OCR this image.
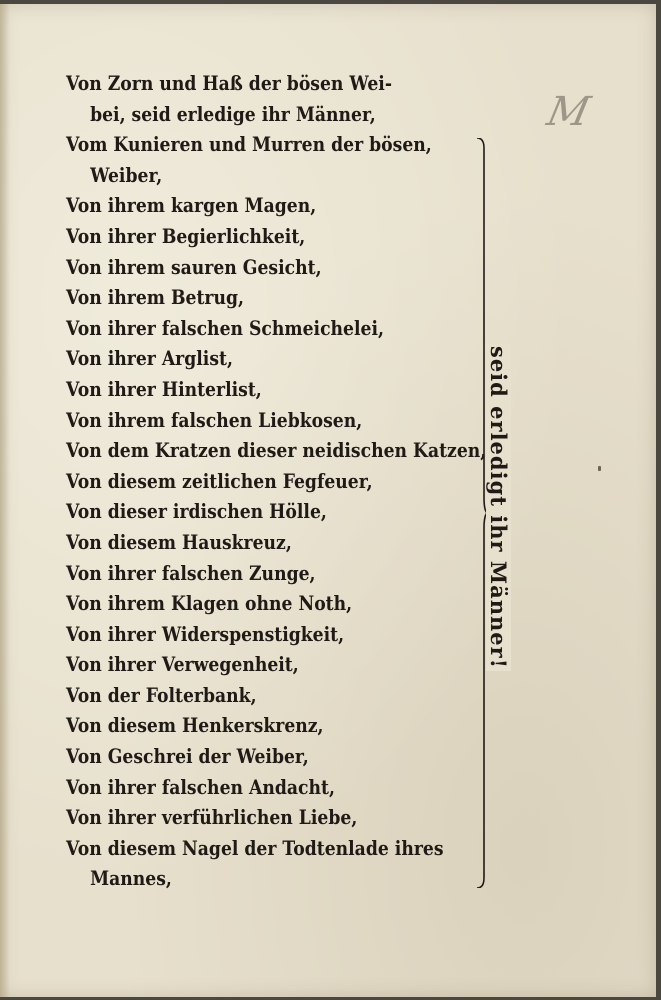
M
Von Zorn und Haß der bösen Wei-
bei, seid erledige ihr Männer,
Vom Kunieren und Murren der bösen,
Weiber,
Von ihrem kargen Magen,
Von ihrer Begierlichkeit,
Von ihrem sauren Gesicht,
Von ihrem Betrug,
Von ihrer falschen Schmeichelei,
Von ihrer Arglist,
Von ihrer Hinterlist,
Von ihrem falschen Liebkosen,
Von dem Kratzen dieser neidischen Katzen,
Von diesem zeitlichen Fegfeuer,
Von dieser irdischen Hölle,
Von diesem Hauskreuz,
Von ihrer falschen Zunge,
Von ihrem Klagen ohne Noth,
Von ihrer Widerspenstigkeit,
Von ihrer Verwegenheit,
Von der Folterbank,
Von diesem Henkerskrenz,
Von Geschrei der Weiber,
Von ihrer falschen Andacht,
Von ihrer verführlichen Liebe,
Von diesem Nagel der Todtenlade ihres
Mannes,
seid erledigt ihr Männer!
